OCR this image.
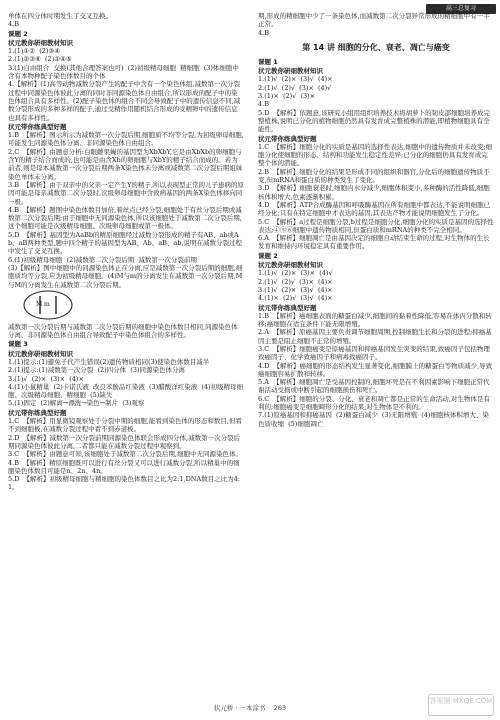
高三总复习
单体在四分体时期发生了交叉互换。
4.B
课题 2
状元教你研细教材知识
1.(1)①②  (2)③④
2.(1)②③⑥  (2)①④⑤
3.(1)自由组合  交换(其他合理答案也可)  (2)初级精母细胞  精细胞  (3)体细胞中含有本物种配子染色体数目的个体
4.【解析】(1)高等动物减数分裂产生的配子中含有一个染色体组,减数第一次分裂过程中同源染色体彼此分离的同时非同源染色体自由组合,所以形成的配子中的染色体组合具有多样性。(2)配子染色体的组合不同会导致配子中的遗传信息不同,减数分裂形成的多种多样的配子,通过受精作用随机结合形成的受精卵中的遗传信息也具有多样性。
状元带你练典型好题
1.B  【解析】图示所示为减数第一次分裂后期,细胞质不均等分裂,为初级卵母细胞,可能发生同源染色体分离、非同源染色体自由组合。
2.C  【解析】由题意分析:白眼雌果蝇的基因型为XbXbY,它是由XbXb的卵细胞与含Y的精子结合而成的,也可能是由含Xb的卵细胞与XbY的精子结合而成的。若为前者,则是母本减数第一次分裂后期两条X染色体未分离或减数第二次分裂后期姐妹染色单体未分离。
3.B  【解析】由于双亲中的父亲一定产生Y的精子,所以表现型正常的儿子患病的原因可能是母亲减数第二次分裂时,次级卵母细胞中含致病基因的两条X染色体移向同一极。
4.B  【解析】题图中染色体数目加倍,着丝点已经分裂,细胞处于有丝分裂后期或减数第二次分裂后期;由于细胞中无同源染色体,所以该细胞处于减数第二次分裂后期,这个细胞可能是次级精母细胞、次级卵母细胞或第一极体。
5.D  【解析】基因型为AaBb的精原细胞经过减数分裂形成的精子有AB、ab或Ab、aB两种类型,题中四个精子的基因型为AB、Ab、aB、ab,说明在减数分裂过程中发生了交叉互换。
6.(1)初级精母细胞  (2)减数第二次分裂后期  减数第一次分裂前期
(3)【解析】图中细胞中的同源染色体正在分离,应是减数第一次分裂后期的细胞,细胞质均等分裂,应为初级精母细胞。(4)M与m的分离发生在减数第一次分裂后期,M与M的分离发生在减数第二次分裂后期。
M m
减数第一次分裂后期与减数第二次分裂后期的细胞中染色体数目相同,同源染色体分离、非同源染色体自由组合导致配子中染色体组合的多样性。
课题 3
状元教你研细教材知识
1.(1)提示:(1)避免子代产生错误(2)遗传物质相同(3)使染色体数目减半
2.(1)提示:(1)减数第一次分裂  (2)四分体  (3)同源染色体分离
3.(1)√  (2)×  (3)×  (4)×
4.(1)小鼠精巢  (2)卡诺氏液  改良苯酚品红染液  (3)醋酸洋红染液  (4)初级精母细胞、次级精母细胞、精细胞  (5)缺失
5.(1)固定  (2)解离→漂洗→染色→制片  (3)观察
状元带你练典型好题
1.C  【解析】用显微镜观察处于分裂中期的细胞,能看到染色体的形态和数目,但看不到细胞板,在减数分裂过程中看不到赤道板。
2.D  【解析】减数第一次分裂前期同源染色体联会形成四分体,减数第一次分裂后期同源染色体彼此分离,二者都只能在减数分裂过程中观察到。
3.C  【解析】由题意可知,该细胞处于减数第二次分裂后期,细胞中无同源染色体。
4.B  【解析】精原细胞既可以进行有丝分裂又可以进行减数分裂,所以精巢中的细胞染色体数目可能是n、2n、4n。
5.D  【解析】初级精母细胞与精细胞的染色体数目之比为2:1,DNA数目之比为4:1。
期,形成的精细胞中少了一条染色体,而减数第二次分裂异常形成的精细胞中有一半正常。
4.B
第 14 讲 细胞的分化、衰老、凋亡与癌变
课题 1
状元教你研细教材知识
1.(1)√  (2)×  (3)√  (4)×
2.(1)√  (2)√  (3)×  (4)√
3.(1)×  (2)√  (3)×
4.B
5.D  【解析】依题意,该研究小组用组织培养技术将胡萝卜的韧皮部细胞培养成完整植株,说明已分化的植物细胞仍然具有发育成完整植株的潜能,即植物细胞具有全能性。
状元带你练典型好题
1.C  【解析】细胞分化的实质是基因的选择性表达,细胞中的遗传物质并未改变;细胞分化使细胞的形态、结构和功能发生稳定性差异;已分化的细胞仍具有发育成完整个体的潜能。
2.B  【解析】细胞分化的结果是形成不同的组织和器官,分化后的细胞遗传物质不变,但mRNA和蛋白质的种类发生了变化。
3.D  【解析】细胞衰老时,细胞内水分减少,细胞体积变小,多种酶的活性降低,细胞核体积增大,色素逐渐积累。
4.D  【解析】ATP合成酶基因和呼吸酶基因在所有细胞中都表达,不能说明细胞已经分化;只有在特定细胞中才表达的基因,其表达产物才能说明细胞发生了分化。
5.C  【解析】a过程是细胞分裂,b过程是细胞分化,细胞分化的实质是基因的选择性表达;④⑤⑥细胞中遗传物质相同,但蛋白质和mRNA的种类不完全相同。
6.A  【解析】细胞凋亡是由基因决定的细胞自动结束生命的过程,对生物体的生长发育和维持内环境稳定具有重要作用。
课题 2
状元教你研细教材知识
1.(1)√  (2)×  (3)×  (4)√
2.(1)√  (2)√  (3)×  (4)×
3.(1)√  (2)×  (3)√  (4)×
4.(1)×  (2)√  (3)√  (4)×
状元带你练典型好题
1.B  【解析】癌细胞表面的糖蛋白减少,细胞间的黏着性降低,容易在体内分散和转移;癌细胞在适宜条件下能无限增殖。
2.A  【解析】原癌基因主要负责调节细胞周期,控制细胞生长和分裂的进程;抑癌基因主要是阻止细胞不正常的增殖。
3.C  【解析】细胞癌变是原癌基因和抑癌基因发生突变的结果,致癌因子包括物理致癌因子、化学致癌因子和病毒致癌因子。
4.D  【解析】癌细胞的形态结构发生显著变化,细胞膜上的糖蛋白等物质减少,导致癌细胞容易扩散和转移。
5.A  【解析】细胞凋亡是受基因控制的,细胞坏死是在不利因素影响下细胞正常代谢活动受损或中断引起的细胞损伤和死亡。
6.C  【解析】细胞的分裂、分化、衰老和凋亡都是正常的生命活动,对生物体是有利的;细胞癌变是细胞畸形分化的结果,对生物体是不利的。
7.(1)原癌基因和抑癌基因  (2)糖蛋白减少  (3)无限增殖  (4)细胞核体积增大、染色质收缩  (5)细胞凋亡
状元桥 · 一本涂书 263
答案圈 MXQE.COM
